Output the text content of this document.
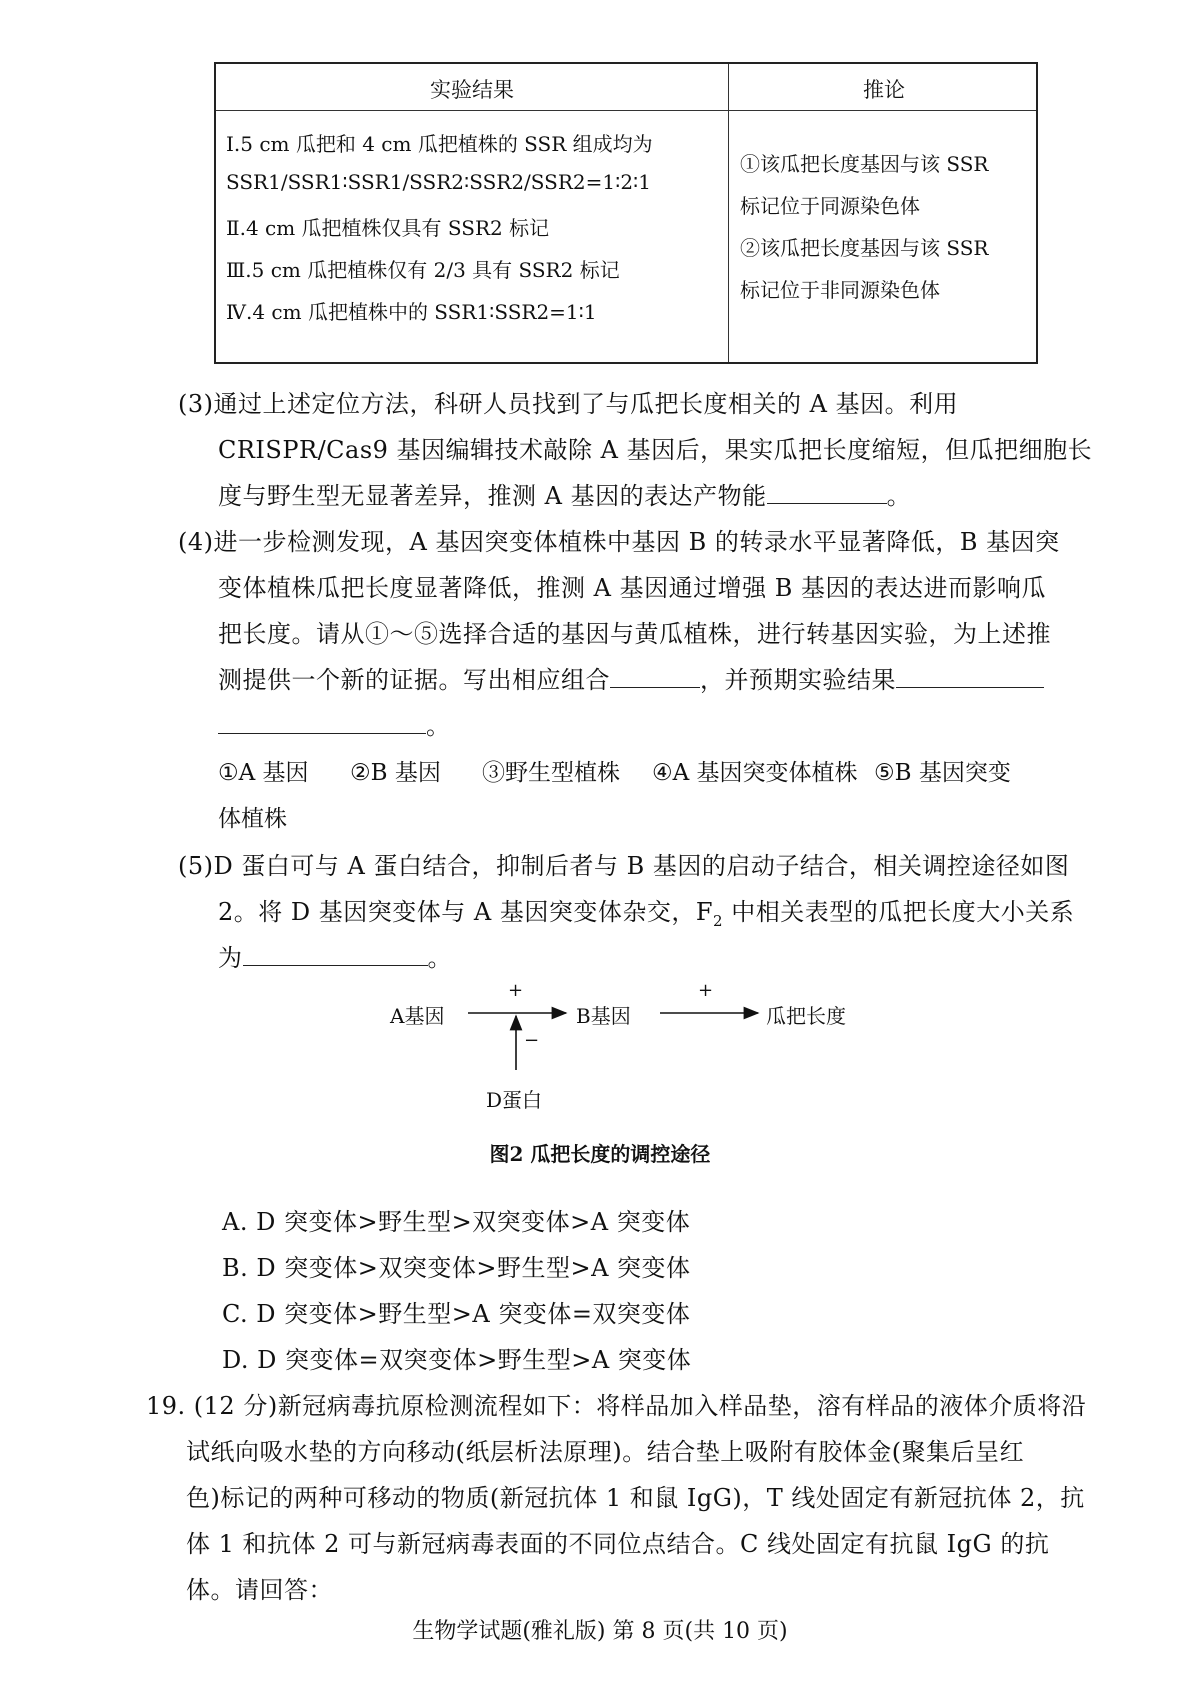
实验结果	推论
Ⅰ.5 cm 瓜把和 4 cm 瓜把植株的 SSR 组成均为
SSR1/SSR1∶SSR1/SSR2∶SSR2/SSR2=1∶2∶1
Ⅱ.4 cm 瓜把植株仅具有 SSR2 标记
Ⅲ.5 cm 瓜把植株仅有 2/3 具有 SSR2 标记
Ⅳ.4 cm 瓜把植株中的 SSR1∶SSR2=1∶1
①该瓜把长度基因与该 SSR
标记位于同源染色体
②该瓜把长度基因与该 SSR
标记位于非同源染色体
(3)通过上述定位方法，科研人员找到了与瓜把长度相关的 A 基因。利用
CRISPR/Cas9 基因编辑技术敲除 A 基因后，果实瓜把长度缩短，但瓜把细胞长
度与野生型无显著差异，推测 A 基因的表达产物能	。
(4)进一步检测发现，A 基因突变体植株中基因 B 的转录水平显著降低，B 基因突
变体植株瓜把长度显著降低，推测 A 基因通过增强 B 基因的表达进而影响瓜
把长度。请从①～⑤选择合适的基因与黄瓜植株，进行转基因实验，为上述推
测提供一个新的证据。写出相应组合	，并预期实验结果
。
①A 基因 ②B 基因 ③野生型植株 ④A 基因突变体植株 ⑤B 基因突变
体植株
(5)D 蛋白可与 A 蛋白结合，抑制后者与 B 基因的启动子结合，相关调控途径如图
2。将 D 基因突变体与 A 基因突变体杂交，$F_2$ 中相关表型的瓜把长度大小关系
为	。
A基因	B基因	瓜把长度
D蛋白
+	+
−
图2 瓜把长度的调控途径
A. D 突变体>野生型>双突变体>A 突变体
B. D 突变体>双突变体>野生型>A 突变体
C. D 突变体>野生型>A 突变体=双突变体
D. D 突变体=双突变体>野生型>A 突变体
19. (12 分)新冠病毒抗原检测流程如下：将样品加入样品垫，溶有样品的液体介质将沿
试纸向吸水垫的方向移动(纸层析法原理)。结合垫上吸附有胶体金(聚集后呈红
色)标记的两种可移动的物质(新冠抗体 1 和鼠 IgG)，T 线处固定有新冠抗体 2，抗
体 1 和抗体 2 可与新冠病毒表面的不同位点结合。C 线处固定有抗鼠 IgG 的抗
体。请回答：
生物学试题(雅礼版) 第 8 页(共 10 页)
